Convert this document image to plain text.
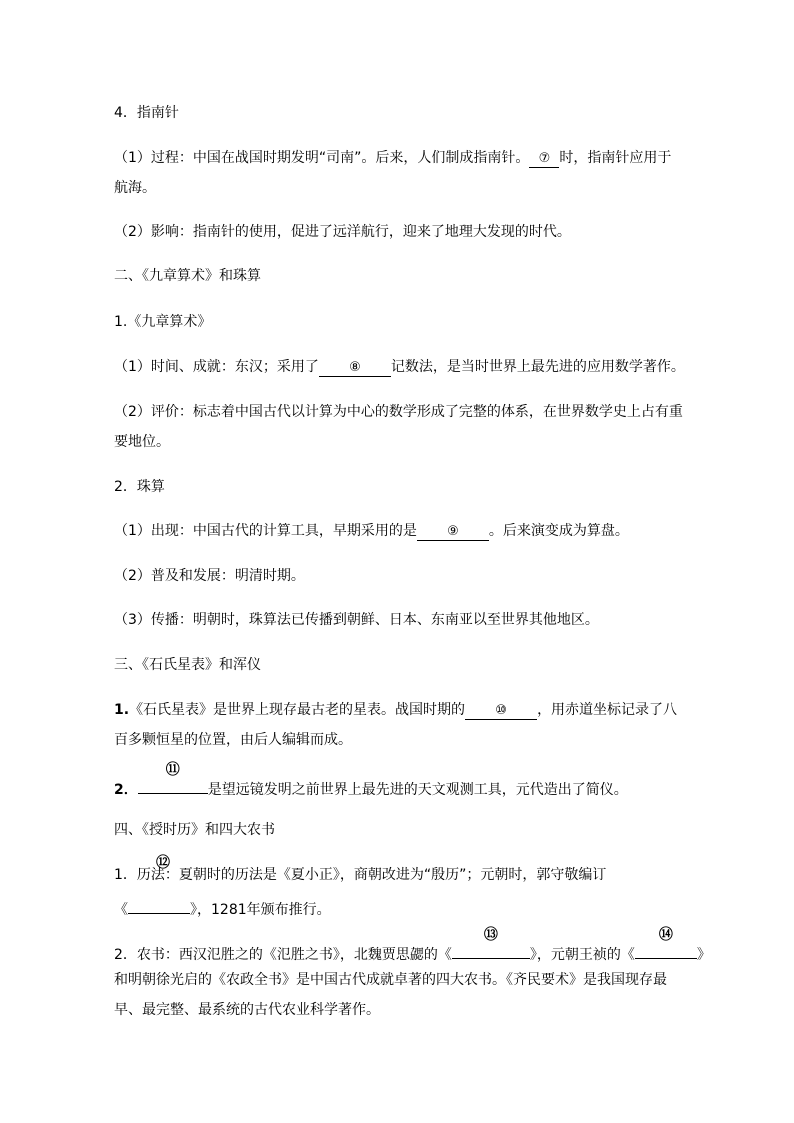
4．指南针
（1）过程：中国在战国时期发明“司南”。后来，人们制成指南针。 ⑦ 时，指南针应用于
航海。
（2）影响：指南针的使用，促进了远洋航行，迎来了地理大发现的时代。
二、《九章算术》和珠算
1.《九章算术》
（1）时间、成就：东汉；采用了 ⑧ 记数法，是当时世界上最先进的应用数学著作。
（2）评价：标志着中国古代以计算为中心的数学形成了完整的体系，在世界数学史上占有重
要地位。
2．珠算
（1）出现：中国古代的计算工具，早期采用的是 ⑨ 。后来演变成为算盘。
（2）普及和发展：明清时期。
（3）传播：明朝时，珠算法已传播到朝鲜、日本、东南亚以至世界其他地区。
三、《石氏星表》和浑仪
1.《石氏星表》是世界上现存最古老的星表。战国时期的 ⑩ ，用赤道坐标记录了八
百多颗恒星的位置，由后人编辑而成。
2．
⑪
是望远镜发明之前世界上最先进的天文观测工具，元代造出了简仪。
四、《授时历》和四大农书
⑫
1．历法：夏朝时的历法是《夏小正》，商朝改进为“殷历”；元朝时，郭守敬编订
《	》，1281年颁布推行。
2．农书：西汉氾胜之的《氾胜之书》，北魏贾思勰的《
⑬
》，元朝王祯的《
⑭
》
和明朝徐光启的《农政全书》是中国古代成就卓著的四大农书。《齐民要术》是我国现存最
早、最完整、最系统的古代农业科学著作。
